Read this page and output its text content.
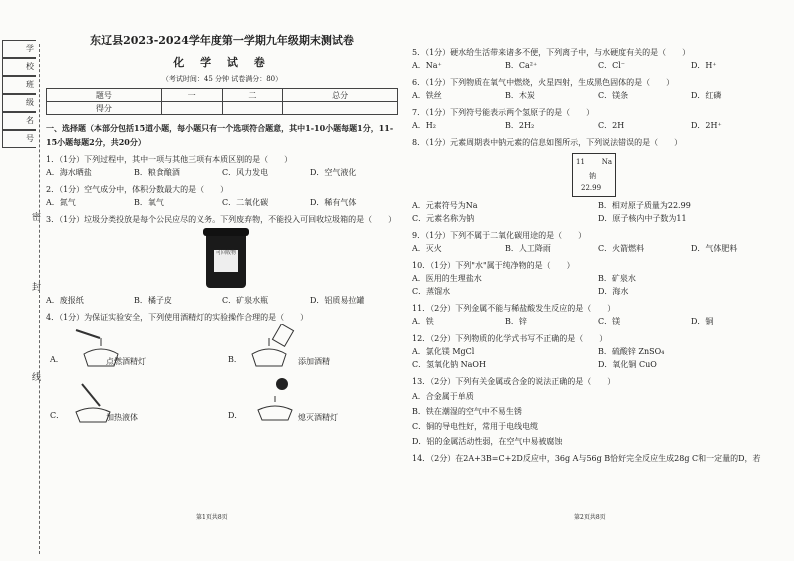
学
校
班
级
名
号
密
封
线
东辽县2023-2024学年度第一学期九年级期末测试卷
化 学 试 卷
（考试时间：45 分钟 试卷满分：80）
题号	一	二	总分
得分			
一、选择题（本部分包括15道小题，每小题只有一个选项符合题意，其中1-10小题每题1分，11-15小题每题2分，共20分）
1．（1分）下列过程中，其中一项与其他三项有本质区别的是（　　）
A．海水晒盐	B．粮食酿酒	C．风力发电	D．空气液化
2．（1分）空气成分中，体积分数最大的是（　　）
A．氮气	B．氧气	C．二氧化碳	D．稀有气体
3．（1分）垃圾分类投放是每个公民应尽的义务。下列废弃物，不能投入可回收垃圾箱的是（　　）
可回收物
A．废报纸	B．橘子皮	C．矿泉水瓶	D．铝质易拉罐
4．（1分）为保证实验安全，下列使用酒精灯的实验操作合理的是（　　）
A．	点燃酒精灯	B．	添加酒精
C．	加热液体	D．	熄灭酒精灯
5．（1分）硬水给生活带来诸多不便，下列离子中，与水硬度有关的是（　　）
A．Na⁺	B．Ca²⁺	C．Cl⁻	D．H⁺
6．（1分）下列物质在氧气中燃烧，火星四射，生成黑色固体的是（　　）
A．铁丝	B．木炭	C．镁条	D．红磷
7．（1分）下列符号能表示两个氢原子的是（　　）
A．H₂	B．2H₂	C．2H	D．2H⁺
8．（1分）元素周期表中钠元素的信息如图所示，下列说法错误的是（　　）
11 Na
钠
22.99
A．元素符号为Na	B．相对原子质量为22.99
C．元素名称为钠	D．原子核内中子数为11
9．（1分）下列不属于二氧化碳用途的是（　　）
A．灭火	B．人工降雨	C．火箭燃料	D．气体肥料
10．（1分）下列"水"属于纯净物的是（　　）
A．医用的生理盐水	B．矿泉水
C．蒸馏水	D．海水
11．（2分）下列金属不能与稀盐酸发生反应的是（　　）
A．铁	B．锌	C．镁	D．铜
12．（2分）下列物质的化学式书写不正确的是（　　）
A．氯化镁 MgCl	B．硫酸锌 ZnSO₄
C．氢氧化钠 NaOH	D．氧化铜 CuO
13．（2分）下列有关金属或合金的说法正确的是（　　）
A．合金属于单质
B．铁在潮湿的空气中不易生锈
C．铜的导电性好，常用于电线电缆
D．铝的金属活动性弱，在空气中易被腐蚀
14．（2分）在2A+3B=C+2D反应中，36g A与56g B恰好完全反应生成28g C和一定量的D，若
第1页共8页	第2页共8页
